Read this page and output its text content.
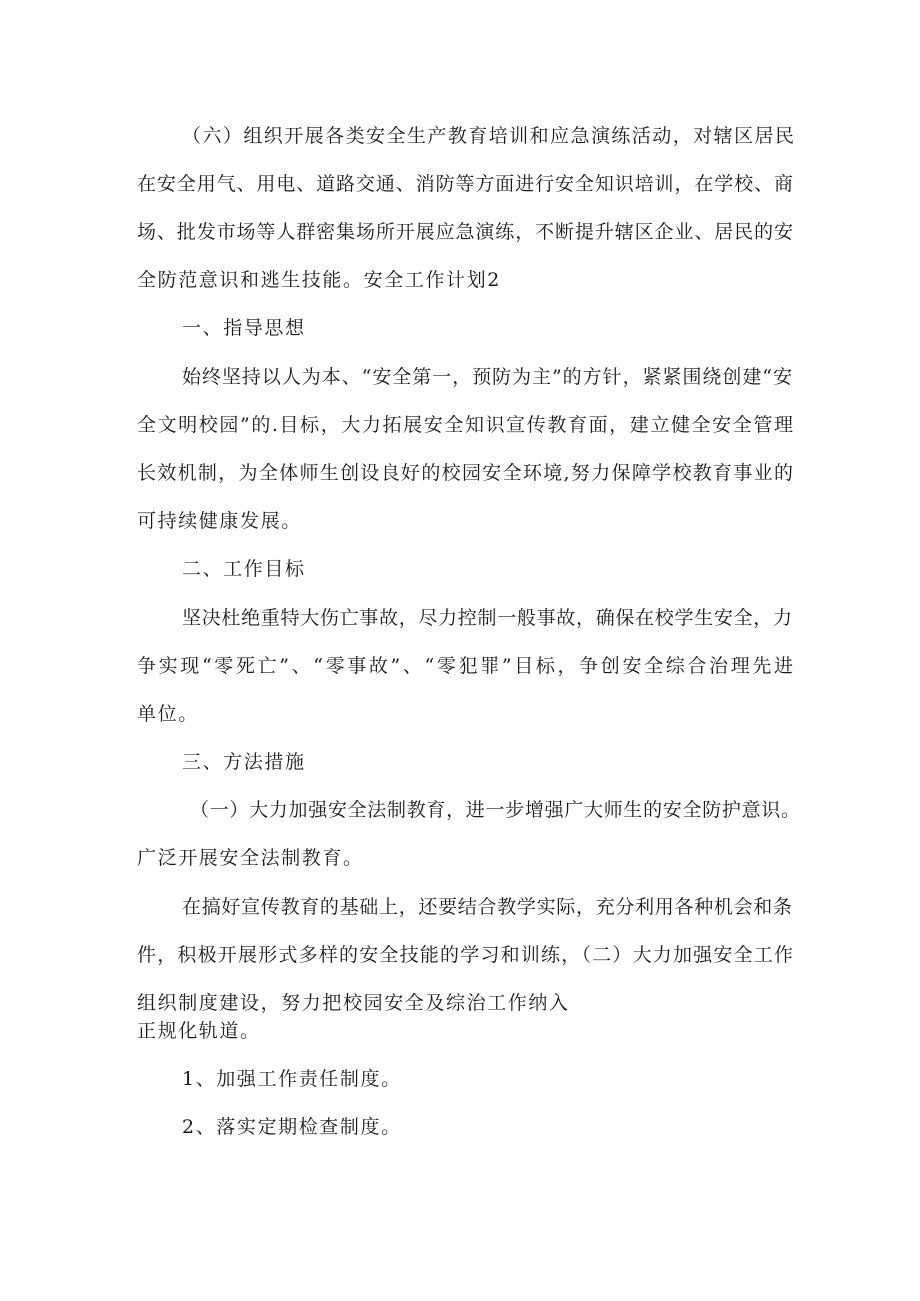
（六）组织开展各类安全生产教育培训和应急演练活动，对辖区居民
在安全用气、用电、道路交通、消防等方面进行安全知识培训，在学校、商
场、批发市场等人群密集场所开展应急演练，不断提升辖区企业、居民的安
全防范意识和逃生技能。安全工作计划2
一、指导思想
始终坚持以人为本、“安全第一，预防为主”的方针，紧紧围绕创建“安
全文明校园”的.目标，大力拓展安全知识宣传教育面，建立健全安全管理
长效机制，为全体师生创设良好的校园安全环境,努力保障学校教育事业的
可持续健康发展。
二、工作目标
坚决杜绝重特大伤亡事故，尽力控制一般事故，确保在校学生安全，力
争实现“零死亡”、“零事故”、“零犯罪”目标，争创安全综合治理先进
单位。
三、方法措施
（一）大力加强安全法制教育，进一步增强广大师生的安全防护意识。
广泛开展安全法制教育。
在搞好宣传教育的基础上，还要结合教学实际，充分利用各种机会和条
件，积极开展形式多样的安全技能的学习和训练，（二）大力加强安全工作
组织制度建设，努力把校园安全及综治工作纳入
正规化轨道。
1、加强工作责任制度。
2、落实定期检查制度。
